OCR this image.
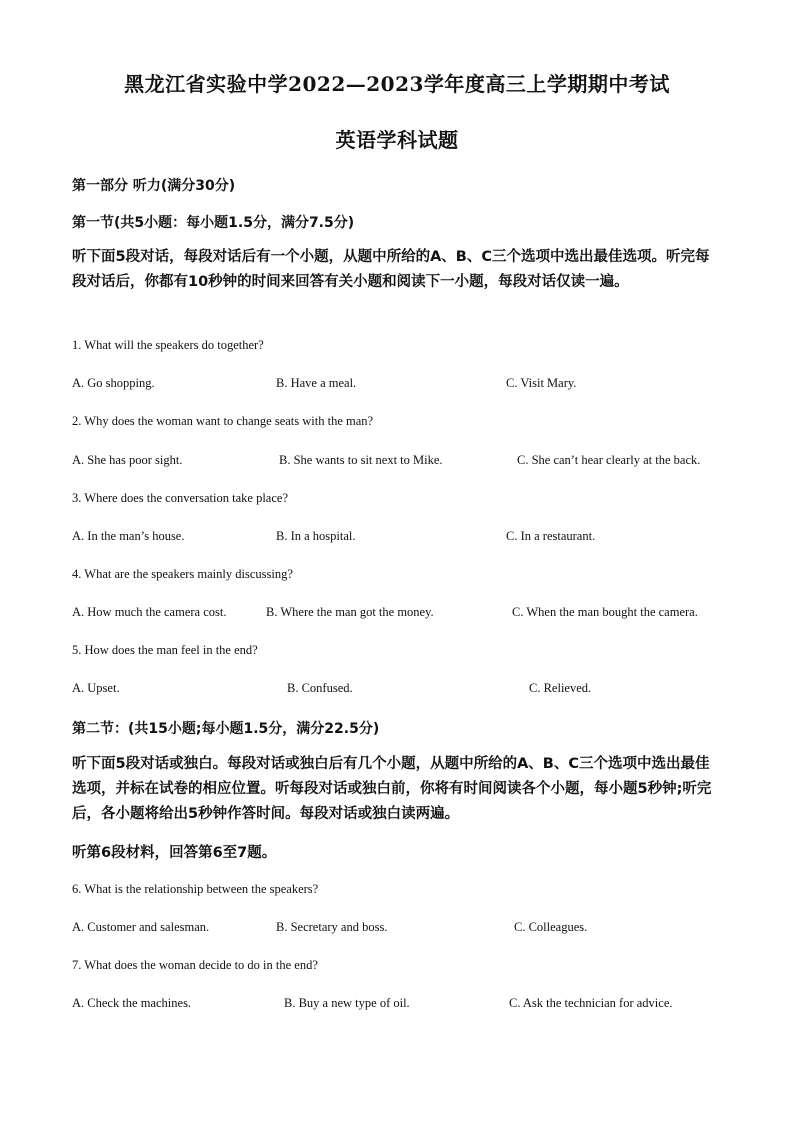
黑龙江省实验中学2022—2023学年度高三上学期期中考试
英语学科试题
第一部分 听力(满分30分)
第一节(共5小题：每小题1.5分，满分7.5分)
听下面5段对话，每段对话后有一个小题，从题中所给的A、B、C三个选项中选出最佳选项。听完每段对话后，你都有10秒钟的时间来回答有关小题和阅读下一小题，每段对话仅读一遍。
1. What will the speakers do together?
A. Go shopping.	B. Have a meal.	C. Visit Mary.
2. Why does the woman want to change seats with the man?
A. She has poor sight.	B. She wants to sit next to Mike.	C. She can’t hear clearly at the back.
3. Where does the conversation take place?
A. In the man’s house.	B. In a hospital.	C. In a restaurant.
4. What are the speakers mainly discussing?
A. How much the camera cost.	B. Where the man got the money.	C. When the man bought the camera.
5. How does the man feel in the end?
A. Upset.	B. Confused.	C. Relieved.
第二节：(共15小题;每小题1.5分，满分22.5分)
听下面5段对话或独白。每段对话或独白后有几个小题，从题中所给的A、B、C三个选项中选出最佳选项，并标在试卷的相应位置。听每段对话或独白前，你将有时间阅读各个小题，每小题5秒钟;听完后，各小题将给出5秒钟作答时间。每段对话或独白读两遍。
听第6段材料，回答第6至7题。
6. What is the relationship between the speakers?
A. Customer and salesman.	B. Secretary and boss.	C. Colleagues.
7. What does the woman decide to do in the end?
A. Check the machines.	B. Buy a new type of oil.	C. Ask the technician for advice.
